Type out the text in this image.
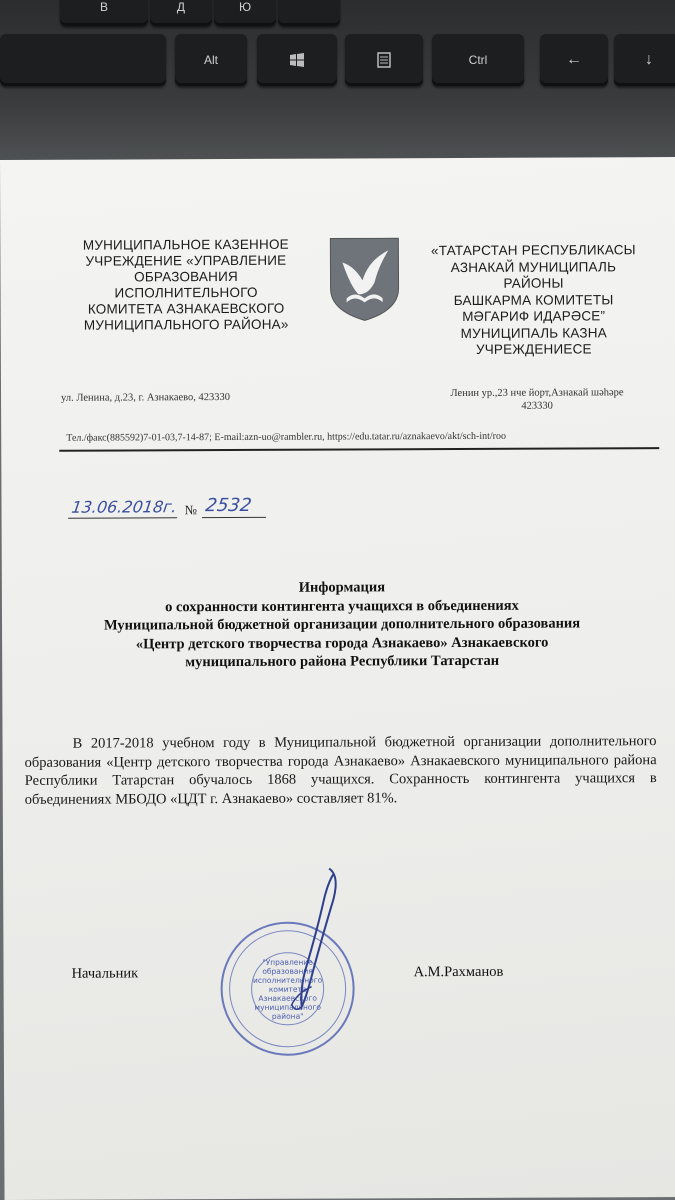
В	Д	Ю
Alt	Ctrl	←	↓
МУНИЦИПАЛЬНОЕ КАЗЕННОЕ
УЧРЕЖДЕНИЕ «УПРАВЛЕНИЕ
ОБРАЗОВАНИЯ
ИСПОЛНИТЕЛЬНОГО
КОМИТЕТА АЗНАКАЕВСКОГО
МУНИЦИПАЛЬНОГО РАЙОНА»
«ТАТАРСТАН РЕСПУБЛИКАСЫ
АЗНАКАЙ МУНИЦИПАЛЬ
РАЙОНЫ
БАШКАРМА КОМИТЕТЫ
МӘГАРИФ ИДАРӘСЕ”
МУНИЦИПАЛЬ КАЗНА
УЧРЕЖДЕНИЕСЕ
ул. Ленина, д.23, г. Азнакаево, 423330	Ленин ур.,23 нче йорт,Азнакай шәһәре
423330
Тел./факс(885592)7-01-03,7-14-87; E-mail:azn-uo@rambler.ru, https://edu.tatar.ru/aznakaevo/akt/sch-int/roo
13.06.2018г. № 2532
Информация
о сохранности контингента учащихся в объединениях
Муниципальной бюджетной организации дополнительного образования
«Центр детского творчества города Азнакаево» Азнакаевского
муниципального района Республики Татарстан
В 2017-2018 учебном году в Муниципальной бюджетной организации дополнительного образования «Центр детского творчества города Азнакаево» Азнакаевского муниципального района Республики Татарстан обучалось 1868 учащихся. Сохранность контингента учащихся в объединениях МБОДО «ЦДТ г. Азнакаево» составляет 81%.
"Управление
образования
исполнительного
комитета
Азнакаевского
муниципального
района"
Начальник	А.М.Рахманов
